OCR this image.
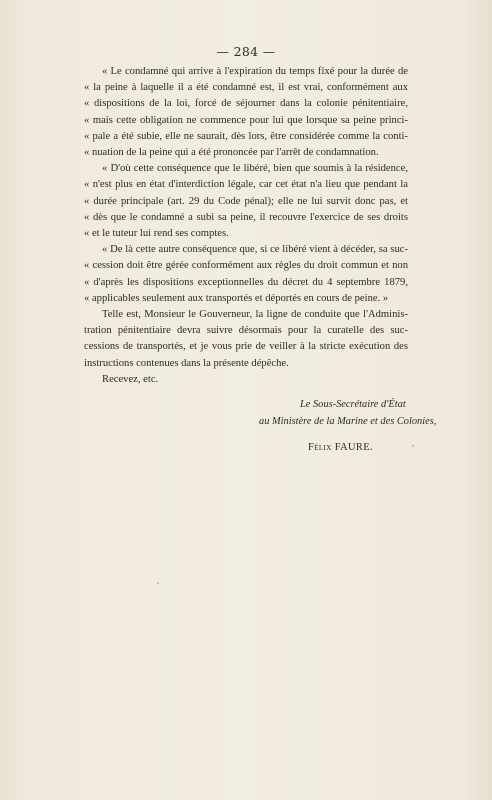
— 284 —
« Le condamné qui arrive à l'expiration du temps fixé pour la durée de
« la peine à laquelle il a été condamné est, il est vrai, conformément aux
« dispositions de la loi, forcé de séjourner dans la colonie pénitentiaire,
« mais cette obligation ne commence pour lui que lorsque sa peine princi-
« pale a été subie, elle ne saurait, dès lors, être considérée comme la conti-
« nuation de la peine qui a été prononcée par l'arrêt de condamnation.
« D'où cette conséquence que le libéré, bien que soumis à la résidence,
« n'est plus en état d'interdiction légale, car cet état n'a lieu que pendant la
« durée principale (art. 29 du Code pénal); elle ne lui survit donc pas, et
« dès que le condamné a subi sa peine, il recouvre l'exercice de ses droits
« et le tuteur lui rend ses comptes.
« De là cette autre conséquence que, si ce libéré vient à décéder, sa suc-
« cession doit être gérée conformément aux règles du droit commun et non
« d'après les dispositions exceptionnelles du décret du 4 septembre 1879,
« applicables seulement aux transportés et déportés en cours de peine. »
Telle est, Monsieur le Gouverneur, la ligne de conduite que l'Adminis-
tration pénitentiaire devra suivre désormais pour la curatelle des suc-
cessions de transportés, et je vous prie de veiller à la stricte exécution des
instructions contenues dans la présente dépêche.
Recevez, etc.
Le Sous-Secrétaire d'État
au Ministère de la Marine et des Colonies,
Félix FAURE.
